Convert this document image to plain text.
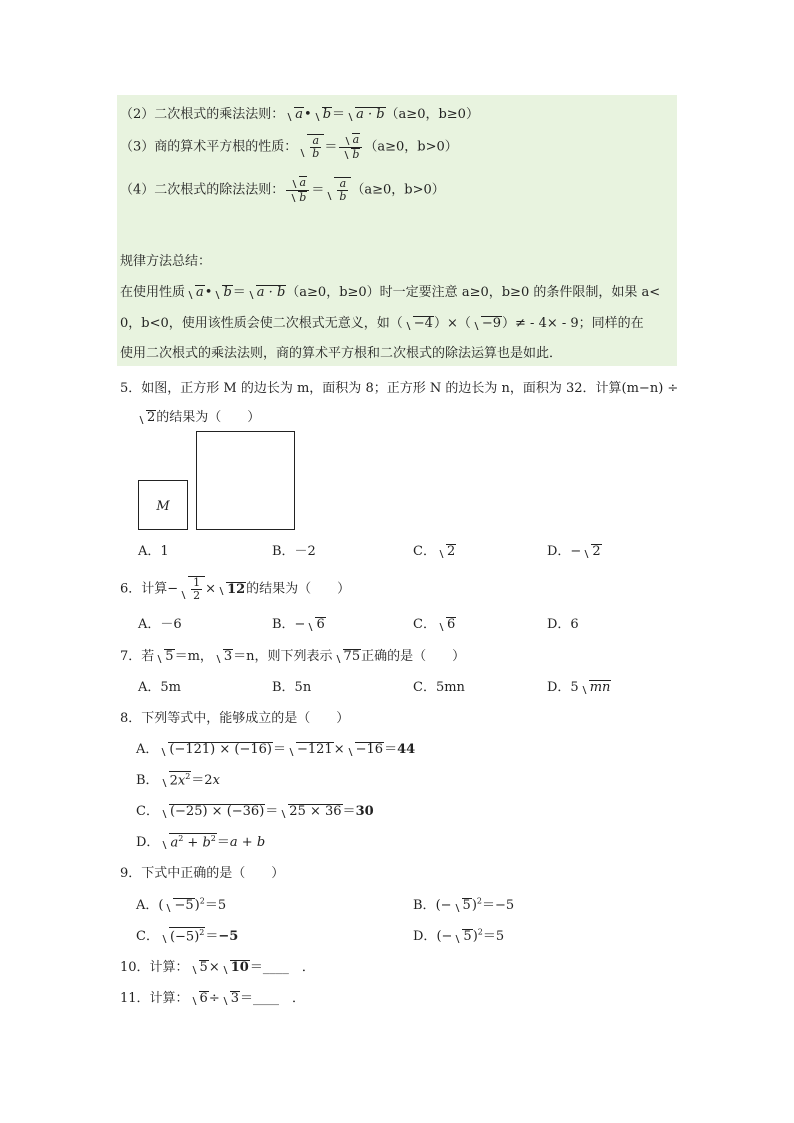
（2）二次根式的乘法法则： a• b＝ a · b（a≥0，b≥0）
（3）商的算术平方根的性质： $\frac{a}{b} = \frac{a}{b} (a\ge 0$，b>0）
（4）二次根式的除法法则： $\frac{a}{b} = \frac{a}{b} (a\ge 0$，b>0）
规律方法总结：
在使用性质 a• b＝ a · b（a≥0，b≥0）时一定要注意 a≥0，b≥0 的条件限制，如果 a<
0，b<0，使用该性质会使二次根式无意义，如（ −4）×（ −9）≠ - 4× - 9；同样的在
使用二次根式的乘法法则，商的算术平方根和二次根式的除法运算也是如此．
5．如图，正方形 M 的边长为 m，面积为 8；正方形 N 的边长为 n，面积为 32．计算(m−n) ÷
2的结果为（　　）
M
A．1	B．－2	C． 2	D．− 2
6．计算− $\frac{1}{2} \times 12$的结果为（　　）
A．－6	B．− 6	C． 6	D．6
7．若 5＝m， 3＝n，则下列表示 75正确的是（　　）
A．5m	B．5n	C．5mn	D．5 mn
8．下列等式中，能够成立的是（　　）
A． (−121) × (−16)＝ −121× −16＝44
B． $2x^2=2x$
C． (−25) × (−36)＝ 25 × 36＝30
D． $a^2 + b^2=a + b$
9．下式中正确的是（　　）
A．( −5)$^2$＝5	B．(− 5)$^2$＝−5
C． $(-5)^2=-5$	D．(− 5)$^2$＝5
10．计算： 5× 10＝____　．
11．计算： 6÷ 3＝____　．
